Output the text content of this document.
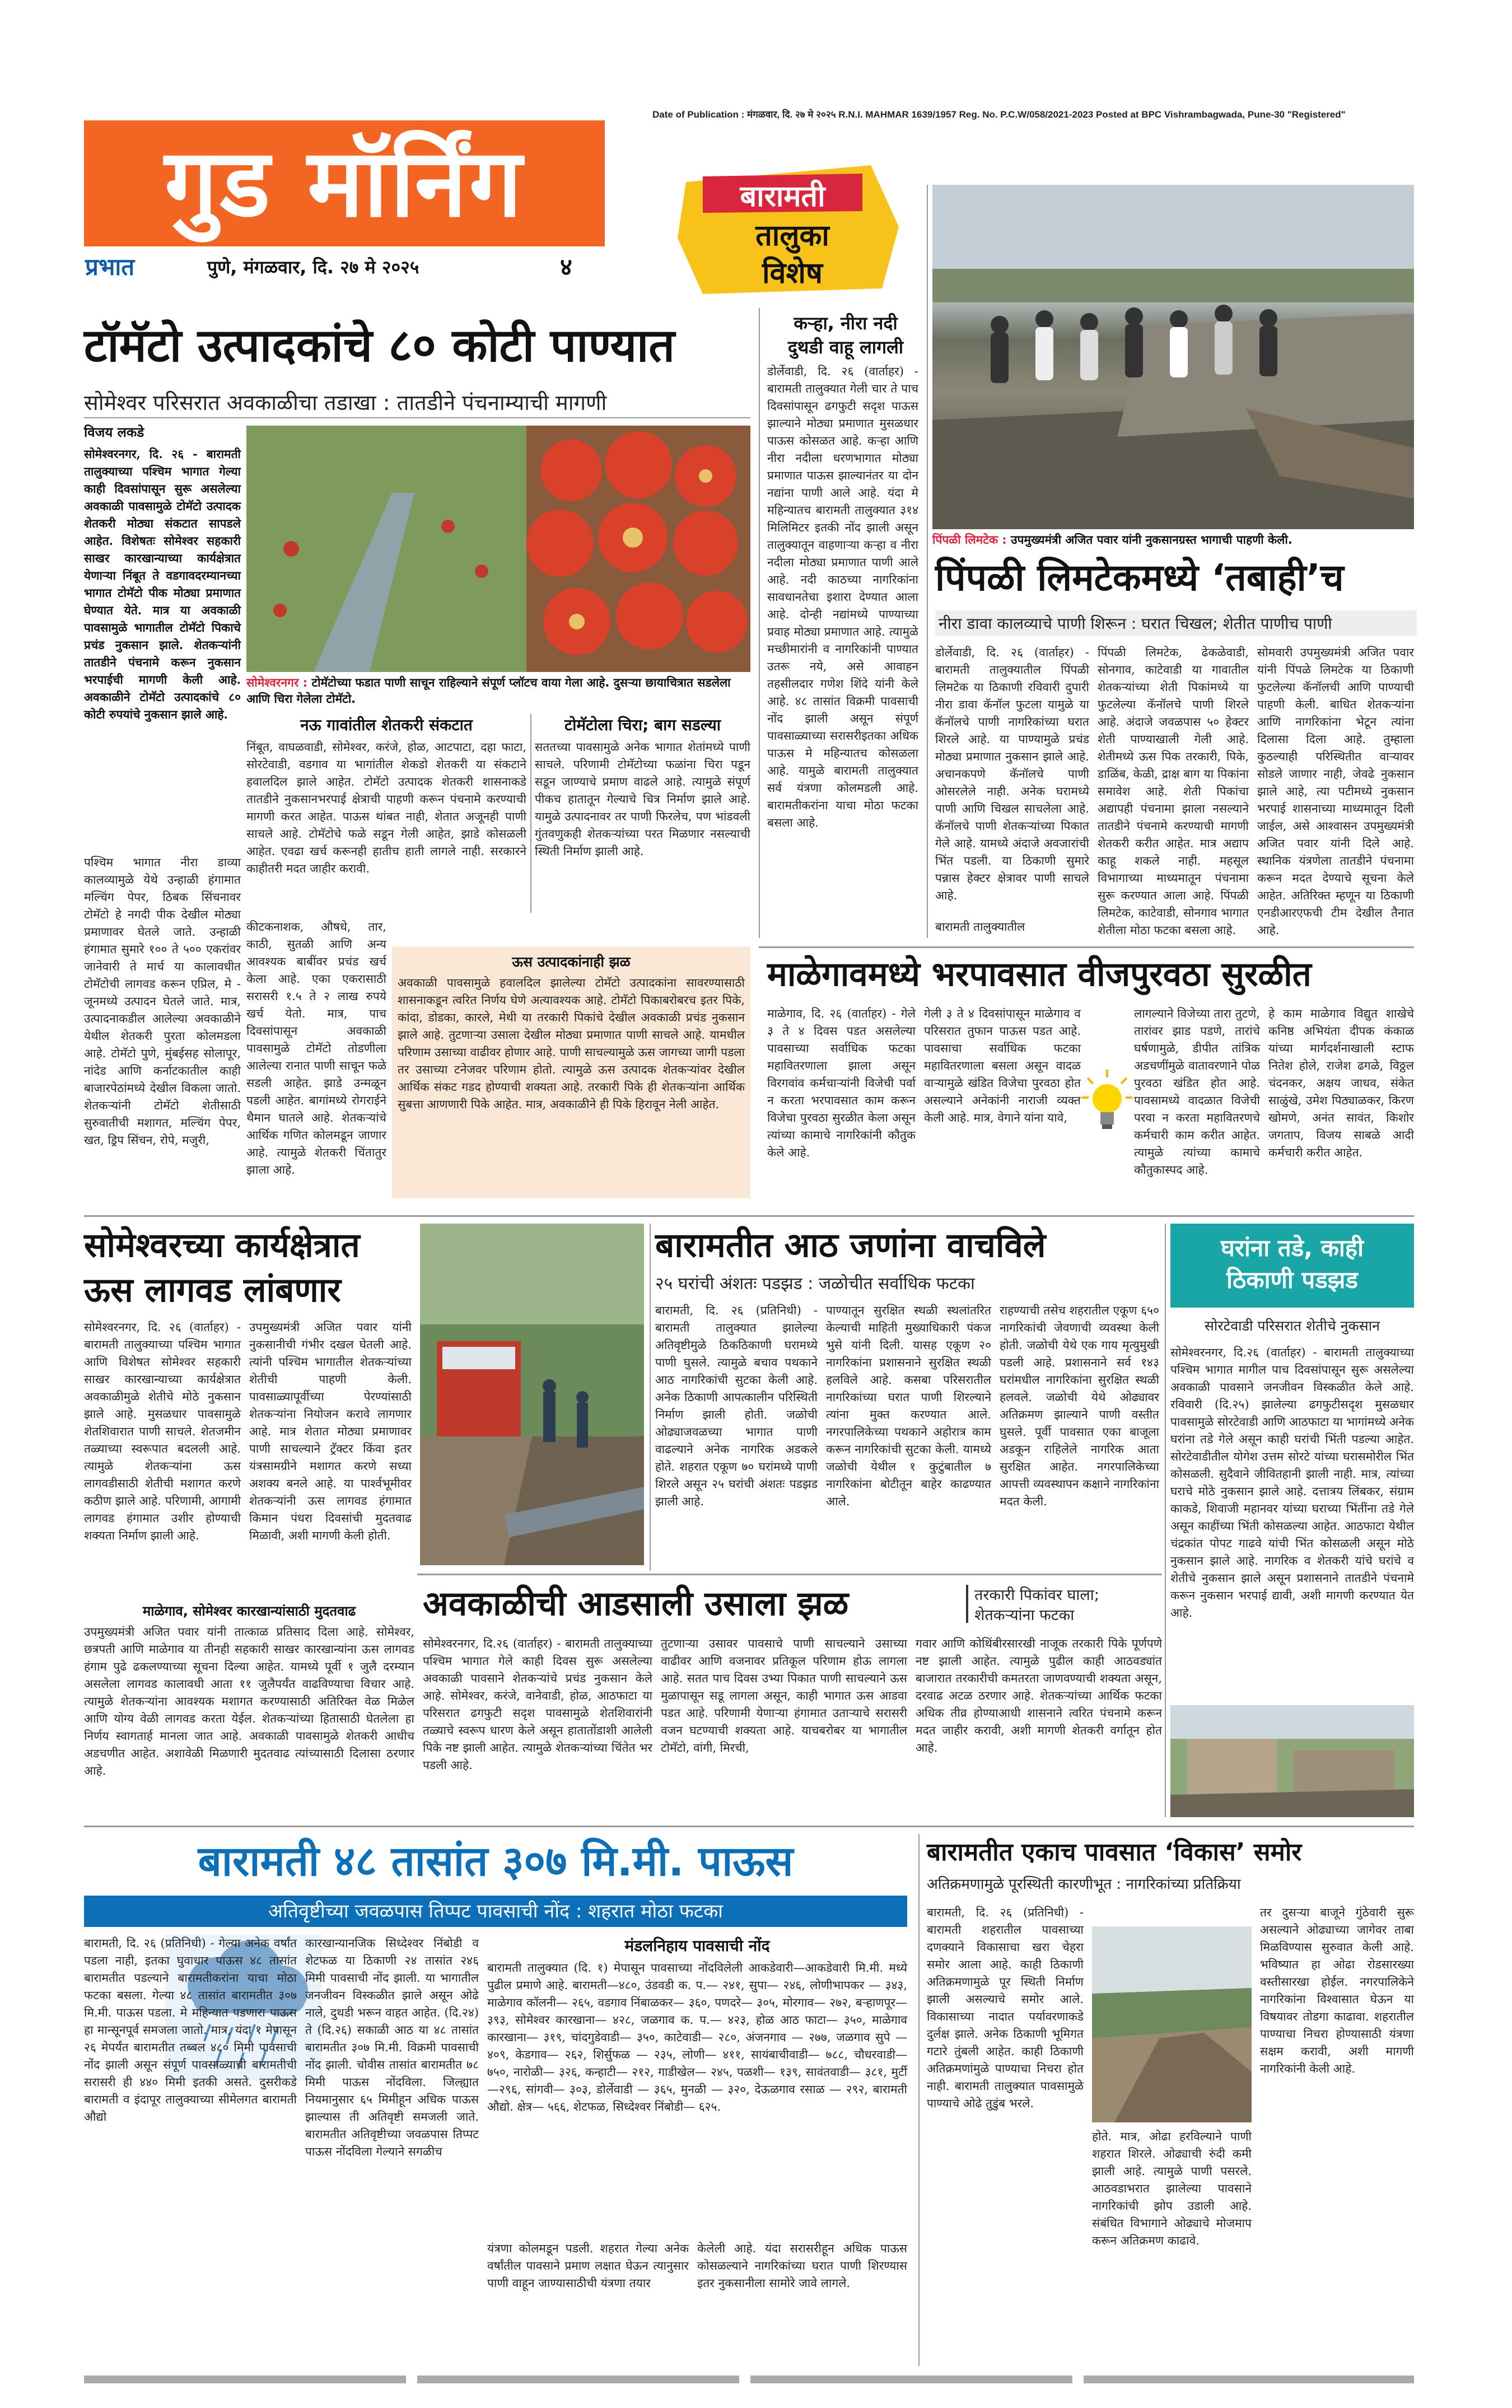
Date of Publication : मंगळवार, दि. २७ मे २०२५ R.N.I. MAHMAR 1639/1957 Reg. No. P.C.W/058/2021-2023 Posted at BPC Vishrambagwada, Pune-30 "Registered"
गुड मॉर्निंग
प्रभात	पुणे, मंगळवार, दि. २७ मे २०२५	४
बारामती
तालुका
विशेष
पिंपळी लिमटेक : उपमुख्यमंत्री अजित पवार यांनी नुकसानग्रस्त भागाची पाहणी केली.
टॉमॅटो उत्पादकांचे ८० कोटी पाण्यात
सोमेश्वर परिसरात अवकाळीचा तडाखा : तातडीने पंचनाम्याची मागणी
विजय लकडे
कऱ्हा, नीरा नदी
दुथडी वाहू लागली
डोर्लेवाडी, दि. २६ (वार्ताहर) - बारामती तालुक्यात गेली चार ते पाच दिवसांपासून ढगफुटी सदृश पाऊस झाल्याने मोठ्या प्रमाणात मुसळधार पाऊस कोसळत आहे. कऱ्हा आणि नीरा नदीला धरणभागात मोठ्या प्रमाणात पाऊस झाल्यानंतर या दोन नद्यांना पाणी आले आहे. यंदा मे महिन्यातच बारामती तालुक्यात ३१४ मिलिमिटर इतकी नोंद झाली असून तालुक्यातून वाहणाऱ्या कऱ्हा व नीरा नदीला मोठ्या प्रमाणात पाणी आले आहे. नदी काठच्या नागरिकांना सावधानतेचा इशारा देण्यात आला आहे. दोन्ही नद्यांमध्ये पाण्याच्या प्रवाह मोठ्या प्रमाणात आहे. त्यामुळे मच्छीमारांनी व नागरिकांनी पाण्यात उतरू नये, असे आवाहन तहसीलदार गणेश शिंदे यांनी केले आहे. ४८ तासांत विक्रमी पावसाची नोंद झाली असून संपूर्ण पावसाळ्याच्या सरासरीइतका अधिक पाऊस मे महिन्यातच कोसळला आहे. यामुळे बारामती तालुक्यात सर्व यंत्रणा कोलमडली आहे. बारामतीकरांना याचा मोठा फटका बसला आहे.
सोमेश्वरनगर, दि. २६ - बारामती तालुक्याच्या पश्चिम भागात गेल्या काही दिवसांपासून सुरू असलेल्या अवकाळी पावसामुळे टोमॅटो उत्पादक शेतकरी मोठ्या संकटात सापडले आहेत. विशेषतः सोमेश्वर सहकारी साखर कारखान्याच्या कार्यक्षेत्रात येणाऱ्या निंबूत ते वडगावदरम्यानच्या भागात टोमॅटो पीक मोठ्या प्रमाणात घेण्यात येते. मात्र या अवकाळी पावसामुळे भागातील टोमॅटो पिकाचे प्रचंड नुकसान झाले. शेतकऱ्यांनी तातडीने पंचनामे करून नुकसान भरपाईची मागणी केली आहे. अवकाळीने टोमॅटो उत्पादकांचे ८० कोटी रुपयांचे नुकसान झाले आहे.
पश्चिम भागात नीरा डाव्या कालव्यामुळे येथे उन्हाळी हंगामात मल्चिंग पेपर, ठिबक सिंचनावर टोमॅटो हे नगदी पीक देखील मोठ्या प्रमाणावर घेतले जाते. उन्हाळी हंगामात सुमारे १०० ते ५०० एकरांवर जानेवारी ते मार्च या कालावधीत टोमॅटोची लागवड करून एप्रिल, मे - जूनमध्ये उत्पादन घेतले जाते. मात्र, उत्पादनाकडील आलेल्या अवकाळीने येथील शेतकरी पुरता कोलमडला आहे. टोमॅटो पुणे, मुंबईसह सोलापूर, नांदेड आणि कर्नाटकातील काही बाजारपेठांमध्ये देखील विकला जातो. शेतकऱ्यांनी टोमॅटो शेतीसाठी सुरुवातीची मशागत, मल्चिंग पेपर, खत, ड्रिप सिंचन, रोपे, मजुरी,
सोमेश्वरनगर : टोमॅटोच्या फडात पाणी साचून राहिल्याने संपूर्ण प्लॉटच वाया गेला आहे. दुसऱ्या छायाचित्रात सडलेला आणि चिरा गेलेला टोमॅटो.
नऊ गावांतील शेतकरी संकटात
निंबूत, वाघळवाडी, सोमेश्वर, करंजे, होळ, आटपाटा, दहा फाटा, सोरटेवाडी, वडगाव या भागांतील शेकडो शेतकरी या संकटाने हवालदिल झाले आहेत. टोमॅटो उत्पादक शेतकरी शासनाकडे तातडीने नुकसानभरपाई क्षेत्राची पाहणी करून पंचनामे करण्याची मागणी करत आहेत. पाऊस थांबत नाही, शेतात अजूनही पाणी साचले आहे. टोमॅटोचे फळे सडून गेली आहेत, झाडे कोसळली आहेत. एवढा खर्च करूनही हातीच हाती लागले नाही. सरकारने काहीतरी मदत जाहीर करावी.
टोमॅटोला चिरा; बाग सडल्या
सततच्या पावसामुळे अनेक भागात शेतांमध्ये पाणी साचले. परिणामी टोमॅटोच्या फळांना चिरा पडून सडून जाण्याचे प्रमाण वाढले आहे. त्यामुळे संपूर्ण पीकच हातातून गेल्याचे चित्र निर्माण झाले आहे. यामुळे उत्पादनावर तर पाणी फिरलेच, पण भांडवली गुंतवणुकही शेतकऱ्यांच्या परत मिळणार नसल्याची स्थिती निर्माण झाली आहे.
कीटकनाशक, औषधे, तार, काठी, सुतळी आणि अन्य आवश्यक बाबींवर प्रचंड खर्च केला आहे. एका एकरासाठी सरासरी १.५ ते २ लाख रुपये खर्च येतो. मात्र, पाच दिवसांपासून अवकाळी पावसामुळे टोमॅटो तोडणीला आलेल्या रानात पाणी साचून फळे सडली आहेत. झाडे उन्मळून पडली आहेत. बागांमध्ये रोगराईने थैमान घातले आहे. शेतकऱ्यांचे आर्थिक गणित कोलमडून जाणार आहे. त्यामुळे शेतकरी चिंतातुर झाला आहे.
ऊस उत्पादकांनाही झळ
अवकाळी पावसामुळे हवालदिल झालेल्या टोमॅटो उत्पादकांना सावरण्यासाठी शासनाकडून त्वरित निर्णय घेणे अत्यावश्यक आहे. टोमॅटो पिकाबरोबरच इतर पिके, कांदा, डोडका, कारले, मेथी या तरकारी पिकांचे देखील अवकाळी प्रचंड नुकसान झाले आहे. तुटणाऱ्या उसाला देखील मोठ्या प्रमाणात पाणी साचले आहे. यामधील परिणाम उसाच्या वाढीवर होणार आहे. पाणी साचल्यामुळे ऊस जागच्या जागी पडला तर उसाच्या टनेजवर परिणाम होतो. त्यामुळे ऊस उत्पादक शेतकऱ्यांवर देखील आर्थिक संकट गडद होण्याची शक्यता आहे. तरकारी पिके ही शेतकऱ्यांना आर्थिक सुबत्ता आणणारी पिके आहेत. मात्र, अवकाळीने ही पिके हिरावून नेली आहेत.
पिंपळी लिमटेकमध्ये ‘तबाही’च
नीरा डावा कालव्याचे पाणी शिरून : घरात चिखल; शेतीत पाणीच पाणी
डोर्लेवाडी, दि. २६ (वार्ताहर) - बारामती तालुक्यातील पिंपळी लिमटेक या ठिकाणी रविवारी दुपारी नीरा डावा कॅनॉल फुटला यामुळे या कॅनॉलचे पाणी नागरिकांच्या घरात शिरले आहे. या पाण्यामुळे प्रचंड मोठ्या प्रमाणात नुकसान झाले आहे. अचानकपणे कॅनॉलचे पाणी ओसरलेले नाही. अनेक घरामध्ये पाणी आणि चिखल साचलेला आहे. कॅनॉलचे पाणी शेतकऱ्यांच्या पिकात गेले आहे. यामध्ये अंदाजे अवजारांची भिंत पडली. या ठिकाणी सुमारे पन्नास हेक्टर क्षेत्रावर पाणी साचले आहे.
पिंपळी लिमटेक, ढेकळेवाडी, सोनगाव, काटेवाडी या गावातील शेतकऱ्यांच्या शेती पिकांमध्ये या फुटलेल्या कॅनॉलचे पाणी शिरले आहे. अंदाजे जवळपास ५० हेक्टर शेती पाण्याखाली गेली आहे. शेतीमध्ये ऊस पिक तरकारी, पिके, डाळिंब, केळी, द्राक्ष बाग या पिकांना समावेश आहे. शेती पिकांचा अद्यापही पंचनामा झाला नसल्याने तातडीने पंचनामे करण्याची मागणी शेतकरी करीत आहेत. मात्र अद्याप काहू शकले नाही. महसूल विभागाच्या माध्यमातून पंचनामा सुरू करण्यात आला आहे. पिंपळी लिमटेक, काटेवाडी, सोनगाव भागात शेतीला मोठा फटका बसला आहे.
सोमवारी उपमुख्यमंत्री अजित पवार यांनी पिंपळे लिमटेक या ठिकाणी फुटलेल्या कॅनॉलची आणि पाण्याची पाहणी केली. बाधित शेतकऱ्यांना आणि नागरिकांना भेटून त्यांना दिलासा दिला आहे. तुम्हाला कुठल्याही परिस्थितीत वाऱ्यावर सोडले जाणार नाही, जेवढे नुकसान झाले आहे, त्या पटीमध्ये नुकसान भरपाई शासनाच्या माध्यमातून दिली जाईल, असे आश्वासन उपमुख्यमंत्री अजित पवार यांनी दिले आहे. स्थानिक यंत्रणेला तातडीने पंचनामा करून मदत देण्याचे सूचना केले आहेत. अतिरिक्त म्हणून या ठिकाणी एनडीआरएफची टीम देखील तैनात आहे.
बारामती तालुक्यातील
माळेगावमध्ये भरपावसात वीजपुरवठा सुरळीत
माळेगाव, दि. २६ (वार्ताहर) - गेले ३ ते ४ दिवस पडत असलेल्या पावसाच्या सर्वाधिक फटका महावितरणाला झाला असून विरगवांव कर्मचाऱ्यांनी विजेची पर्वा न करता भरपावसात काम करून विजेचा पुरवठा सुरळीत केला असून त्यांच्या कामाचे नागरिकांनी कौतुक केले आहे.
गेली ३ ते ४ दिवसांपासून माळेगाव व परिसरात तुफान पाऊस पडत आहे. पावसाचा सर्वाधिक फटका महावितरणाला बसला असून वादळ वाऱ्यामुळे खंडित विजेचा पुरवठा होत असल्याने अनेकांनी नाराजी व्यक्त केली आहे. मात्र, वेगाने यांना यावे,
लागल्याने विजेच्या तारा तुटणे, तारांवर झाड पडणे, तारांचे घर्षणामुळे, डीपीत तांत्रिक अडचणींमुळे वातावरणाने पोळ पुरवठा खंडित होत आहे. पावसामध्ये वादळात विजेची परवा न करता महावितरणचे कर्मचारी काम करीत आहेत. त्यामुळे त्यांच्या कामाचे कौतुकास्पद आहे.
हे काम माळेगाव विद्युत शाखेचे कनिष्ठ अभियंता दीपक कंकाळ यांच्या मार्गदर्शनाखाली स्टाफ नितेश होले, राजेश ढगळे, विठ्ठल चंदनकर, अक्षय जाधव, संकेत साळुंखे, उमेश पिठ्याळकर, किरण खोमणे, अनंत सावंत, किशोर जगताप, विजय साबळे आदी कर्मचारी करीत आहेत.
सोमेश्वरच्या कार्यक्षेत्रात
ऊस लागवड लांबणार
सोमेश्वरनगर, दि. २६ (वार्ताहर) - बारामती तालुक्याच्या पश्चिम भागात आणि विशेषत सोमेश्वर सहकारी साखर कारखान्याच्या कार्यक्षेत्रात अवकाळीमुळे शेतीचे मोठे नुकसान झाले आहे. मुसळधार पावसामुळे शेतशिवारात पाणी साचले. शेतजमीन तळ्याच्या स्वरूपात बदलली आहे. त्यामुळे शेतकऱ्यांना ऊस लागवडीसाठी शेतीची मशागत करणे कठीण झाले आहे. परिणामी, आगामी लागवड हंगामात उशीर होण्याची शक्यता निर्माण झाली आहे.
उपमुख्यमंत्री अजित पवार यांनी नुकसानीची गंभीर दखल घेतली आहे. त्यांनी पश्चिम भागातील शेतकऱ्यांच्या शेतीची पाहणी केली. पावसाळ्यापूर्वीच्या पेरण्यांसाठी शेतकऱ्यांना नियोजन करावे लागणार आहे. मात्र शेतात मोठ्या प्रमाणावर पाणी साचल्याने ट्रॅक्टर किंवा इतर यंत्रसामग्रीने मशागत करणे सध्या अशक्य बनले आहे. या पार्श्वभूमीवर शेतकऱ्यांनी ऊस लागवड हंगामात किमान पंधरा दिवसांची मुदतवाढ मिळावी, अशी मागणी केली होती.
माळेगाव, सोमेश्वर कारखान्यांसाठी मुदतवाढ
उपमुख्यमंत्री अजित पवार यांनी तात्काळ प्रतिसाद दिला आहे. सोमेश्वर, छत्रपती आणि माळेगाव या तीनही सहकारी साखर कारखान्यांना ऊस लागवड हंगाम पुढे ढकलण्याच्या सूचना दिल्या आहेत. यामध्ये पूर्वी १ जुलै दरम्यान असलेला लागवड कालावधी आता ११ जुलैपर्यंत वाढविण्याचा विचार आहे. त्यामुळे शेतकऱ्यांना आवश्यक मशागत करण्यासाठी अतिरिक्त वेळ मिळेल आणि योग्य वेळी लागवड करता येईल. शेतकऱ्यांच्या हितासाठी घेतलेला हा निर्णय स्वागतार्ह मानला जात आहे. अवकाळी पावसामुळे शेतकरी आधीच अडचणीत आहेत. अशावेळी मिळणारी मुदतवाढ त्यांच्यासाठी दिलासा ठरणार आहे.
बारामतीत आठ जणांना वाचविले
२५ घरांची अंशतः पडझड : जळोचीत सर्वाधिक फटका
बारामती, दि. २६ (प्रतिनिधी) - बारामती तालुक्यात झालेल्या अतिवृष्टीमुळे ठिकठिकाणी घरामध्ये पाणी घुसले. त्यामुळे बचाव पथकाने आठ नागरिकांची सुटका केली आहे. अनेक ठिकाणी आपत्कालीन परिस्थिती निर्माण झाली होती. जळोची ओढ्याजवळच्या भागात पाणी वाढल्याने अनेक नागरिक अडकले होते. शहरात एकूण ७० घरांमध्ये पाणी शिरले असून २५ घरांची अंशतः पडझड झाली आहे.
पाण्यातून सुरक्षित स्थळी स्थलांतरित केल्याची माहिती मुख्याधिकारी पंकज भुसे यांनी दिली. यासह एकूण २० नागरिकांना प्रशासनाने सुरक्षित स्थळी हलविले आहे. कसबा परिसरातील नागरिकांच्या घरात पाणी शिरल्याने त्यांना मुक्त करण्यात आले. नगरपालिकेच्या पथकाने अहोरात्र काम करून नागरिकांची सुटका केली. यामध्ये जळोची येथील १ कुटुंबातील ७ नागरिकांना बोटीतून बाहेर काढण्यात आले.
राहण्याची तसेच शहरातील एकूण ६५० नागरिकांची जेवणाची व्यवस्था केली होती. जळोची येथे एक गाय मृत्युमुखी पडली आहे. प्रशासनाने सर्व १४३ घरांमधील नागरिकांना सुरक्षित स्थळी हलवले. जळोची येथे ओढ्यावर अतिक्रमण झाल्याने पाणी वस्तीत घुसले. पूर्वी पावसात एका बाजूला अडकून राहिलेले नागरिक आता सुरक्षित आहेत. नगरपालिकेच्या आपत्ती व्यवस्थापन कक्षाने नागरिकांना मदत केली.
घरांना तडे, काही
ठिकाणी पडझड
सोरटेवाडी परिसरात शेतीचे नुकसान
सोमेश्वरनगर, दि.२६ (वार्ताहर) - बारामती तालुक्याच्या पश्चिम भागात मागील पाच दिवसांपासून सुरू असलेल्या अवकाळी पावसाने जनजीवन विस्कळीत केले आहे. रविवारी (दि.२५) झालेल्या ढगफुटीसदृश मुसळधार पावसामुळे सोरटेवाडी आणि आठफाटा या भागांमध्ये अनेक घरांना तडे गेले असून काही घरांची भिंती पडल्या आहेत. सोरटेवाडीतील योगेश उत्तम सोरटे यांच्या घरासमोरील भिंत कोसळली. सुदैवाने जीवितहानी झाली नाही. मात्र, त्यांच्या घराचे मोठे नुकसान झाले आहे. दत्तात्रय लिंबकर, संग्राम काकडे, शिवाजी महानवर यांच्या घराच्या भिंतींना तडे गेले असून काहींच्या भिंती कोसळल्या आहेत. आठफाटा येथील चंद्रकांत पोपट गाढवे यांची भिंत कोसळली असून मोठे नुकसान झाले आहे. नागरिक व शेतकरी यांचे घरांचे व शेतीचे नुकसान झाले असून प्रशासनाने तातडीने पंचनामे करून नुकसान भरपाई द्यावी, अशी मागणी करण्यात येत आहे.
अवकाळीची आडसाली उसाला झळ	तरकारी पिकांवर घाला;
शेतकऱ्यांना फटका
सोमेश्वरनगर, दि.२६ (वार्ताहर) - बारामती तालुक्याच्या पश्चिम भागात गेले काही दिवस सुरू असलेल्या अवकाळी पावसाने शेतकऱ्यांचे प्रचंड नुकसान केले आहे. सोमेश्वर, करंजे, वानेवाडी, होळ, आठफाटा या परिसरात ढगफुटी सदृश पावसामुळे शेतशिवारांनी तळ्याचे स्वरूप धारण केले असून हातातोंडाशी आलेली पिके नष्ट झाली आहेत. त्यामुळे शेतकऱ्यांच्या चिंतेत भर पडली आहे.
तुटणाऱ्या उसावर पावसाचे पाणी साचल्याने उसाच्या वाढीवर आणि वजनावर प्रतिकूल परिणाम होऊ लागला आहे. सतत पाच दिवस उभ्या पिकात पाणी साचल्याने ऊस मुळापासून सडू लागला असून, काही भागात ऊस आडवा पडत आहे. परिणामी येणाऱ्या हंगामात उताऱ्याचे सरासरी वजन घटण्याची शक्यता आहे. याचबरोबर या भागातील टोमॅटो, वांगी, मिरची,
गवार आणि कोथिंबीरसारखी नाजूक तरकारी पिके पूर्णपणे नष्ट झाली आहेत. त्यामुळे पुढील काही आठवड्यांत बाजारात तरकारीची कमतरता जाणवण्याची शक्यता असून, दरवाढ अटळ ठरणार आहे. शेतकऱ्यांच्या आर्थिक फटका अधिक तीव्र होण्याआधी शासनाने त्वरित पंचनामे करून मदत जाहीर करावी, अशी मागणी शेतकरी वर्गातून होत आहे.
बारामती ४८ तासांत ३०७ मि.मी. पाऊस
अतिवृष्टीच्या जवळपास तिप्पट पावसाची नोंद : शहरात मोठा फटका
बारामती, दि. २६ (प्रतिनिधी) - गेल्या अनेक वर्षांत पडला नाही, इतका घुवाधार पाऊस ४८ तासांत बारामतीत पडल्याने बारामतीकरांना याचा मोठा फटका बसला. गेल्या ४८ तासांत बारामतीत ३०७ मि.मी. पाऊस पडला. मे महिन्यात पडणारा पाऊस हा मान्सूनपूर्व समजला जातो. मात्र, यंदा १ मेपासून २६ मेपर्यंत बारामतीत तब्बल ४८० मिमी पावसाची नोंद झाली असून संपूर्ण पावसाळ्याची बारामतीची सरासरी ही ४४० मिमी इतकी असते. दुसरीकडे बारामती व इंदापूर तालुक्याच्या सीमेलगत बारामती औद्यो
कारखान्यानजिक सिध्देश्वर निंबोडी व शेटफळ या ठिकाणी २४ तासांत २४६ मिमी पावसाची नोंद झाली. या भागातील जनजीवन विस्कळीत झाले असून ओढे नाले, दुथडी भरून वाहत आहेत. (दि.२४) ते (दि.२६) सकाळी आठ या ४८ तासांत बारामतीत ३०७ मि.मी. विक्रमी पावसाची नोंद झाली. चोवीस तासांत बारामतीत ७८ मिमी पाऊस नोंदविला. जिल्ह्यात नियमानुसार ६५ मिमीहून अधिक पाऊस झाल्यास ती अतिवृष्टी समजली जाते. बारामतीत अतिवृष्टीच्या जवळपास तिप्पट पाऊस नोंदविला गेल्याने सगळीच
मंडलनिहाय पावसाची नोंद
बारामती तालुक्यात (दि. १) मेपासून पावसाच्या नोंदविलेली आकडेवारी—आकडेवारी मि.मी. मध्ये पुढील प्रमाणे आहे. बारामती—४८०, उंडवडी क. प.— २४१, सुपा— २४६, लोणीभापकर — ३४३, माळेगाव कॉलनी— २६५, वडगाव निंबाळकर— ३६०, पणदरे— ३०५, मोरगाव— २७२, बऱ्हाणपूर— ३९३, सोमेश्वर कारखाना— ४२८, जळगाव क. प.— ४२३, होळ आठ फाटा— ३५०, माळेगाव कारखाना— ३१९, चांदगुडेवाडी— ३५०, काटेवाडी— २८०, अंजनगाव — २७७, जळगाव सुपे — ४०९, केडगाव— २६२, शिर्सुफळ — २३५, लोणी— ४११, सायंबाचीवाडी— ७८८, चौधरवाडी— ७५०, नारोळी— ३२६, कन्हाटी— २१२, गाडीखेल— २४५, पळशी— १३९, सावंतवाडी— ३८१, मुर्टी—२९६, सांगवी— ३०३, डोर्लेवाडी — ३६५, मुनळी — ३२०, देऊळगाव रसाळ — २९२, बारामती औद्यो. क्षेत्र— ५६६, शेटफळ, सिध्देश्वर निंबोडी— ६२५.
यंत्रणा कोलमडून पडली. शहरात गेल्या अनेक वर्षांतील पावसाने प्रमाण लक्षात घेऊन त्यानुसार पाणी वाहून जाण्यासाठीची यंत्रणा तयार
केलेली आहे. यंदा सरासरीहून अधिक पाऊस कोसळल्याने नागरिकांच्या घरात पाणी शिरण्यास इतर नुकसानीला सामोरे जावे लागले.
बारामतीत एकाच पावसात ‘विकास’ समोर
अतिक्रमणामुळे पूरस्थिती कारणीभूत : नागरिकांच्या प्रतिक्रिया
बारामती, दि. २६ (प्रतिनिधी) - बारामती शहरातील पावसाच्या दणक्याने विकासाचा खरा चेहरा समोर आला आहे. काही ठिकाणी अतिक्रमणामुळे पूर स्थिती निर्माण झाली असल्याचे समोर आले. विकासाच्या नादात पर्यावरणाकडे दुर्लक्ष झाले. अनेक ठिकाणी भूमिगत गटारे तुंबली आहेत. काही ठिकाणी अतिक्रमणांमुळे पाण्याचा निचरा होत नाही. बारामती तालुक्यात पावसामुळे पाण्याचे ओढे तुडुंब भरले.
होते. मात्र, ओढा हरविल्याने पाणी शहरात शिरले. ओढ्याची रुंदी कमी झाली आहे. त्यामुळे पाणी पसरले. आठवडाभरात झालेल्या पावसाने नागरिकांची झोप उडाली आहे. संबंधित विभागाने ओढ्याचे मोजमाप करून अतिक्रमण काढावे.
तर दुसऱ्या बाजूने गुंठेवारी सुरू असल्याने ओढ्याच्या जागेवर ताबा मिळविण्यास सुरुवात केली आहे. भविष्यात हा ओढा रोडसारख्या वस्तीसारखा होईल. नगरपालिकेने नागरिकांना विश्वासात घेऊन या विषयावर तोडगा काढावा. शहरातील पाण्याचा निचरा होण्यासाठी यंत्रणा सक्षम करावी, अशी मागणी नागरिकांनी केली आहे.
